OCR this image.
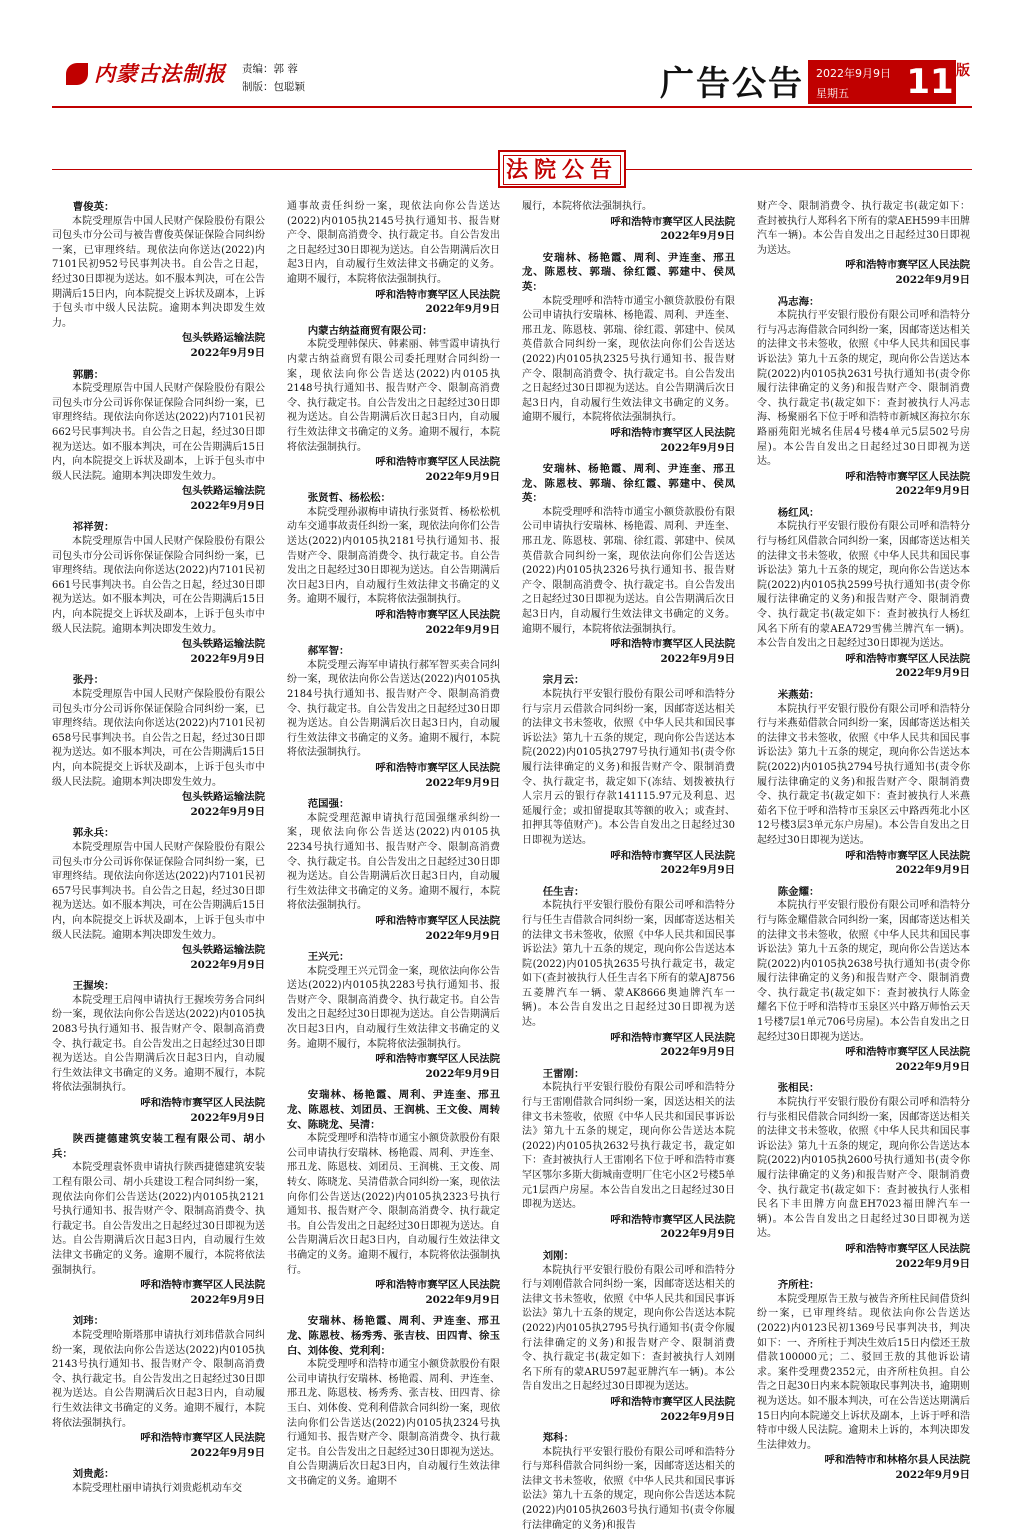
内蒙古法制报 责编：郭 蓉
制版：包聪颖	广告公告 2022年9月9日
星期五	11 版
法院公告

曹俊英：

本院受理原告中国人民财产保险股份有限公司包头市分公司与被告曹俊英保证保险合同纠纷一案，已审理终结。现依法向你送达(2022)内7101民初952号民事判决书。自公告之日起，经过30日即视为送达。如不服本判决，可在公告期满后15日内，向本院提交上诉状及副本，上诉于包头市中级人民法院。逾期本判决即发生效力。

包头铁路运输法院

2022年9月9日

郭鹏：

本院受理原告中国人民财产保险股份有限公司包头市分公司诉你保证保险合同纠纷一案，已审理终结。现依法向你送达(2022)内7101民初662号民事判决书。自公告之日起，经过30日即视为送达。如不服本判决，可在公告期满后15日内，向本院提交上诉状及副本，上诉于包头市中级人民法院。逾期本判决即发生效力。

包头铁路运输法院

2022年9月9日

祁祥贺：

本院受理原告中国人民财产保险股份有限公司包头市分公司诉你保证保险合同纠纷一案，已审理终结。现依法向你送达(2022)内7101民初661号民事判决书。自公告之日起，经过30日即视为送达。如不服本判决，可在公告期满后15日内，向本院提交上诉状及副本，上诉于包头市中级人民法院。逾期本判决即发生效力。

包头铁路运输法院

2022年9月9日

张丹：

本院受理原告中国人民财产保险股份有限公司包头市分公司诉你保证保险合同纠纷一案，已审理终结。现依法向你送达(2022)内7101民初658号民事判决书。自公告之日起，经过30日即视为送达。如不服本判决，可在公告期满后15日内，向本院提交上诉状及副本，上诉于包头市中级人民法院。逾期本判决即发生效力。

包头铁路运输法院

2022年9月9日

郭永兵：

本院受理原告中国人民财产保险股份有限公司包头市分公司诉你保证保险合同纠纷一案，已审理终结。现依法向你送达(2022)内7101民初657号民事判决书。自公告之日起，经过30日即视为送达。如不服本判决，可在公告期满后15日内，向本院提交上诉状及副本，上诉于包头市中级人民法院。逾期本判决即发生效力。

包头铁路运输法院

2022年9月9日

王握埃：

本院受理王启闯申请执行王握埃劳务合同纠纷一案，现依法向你公告送达(2022)内0105执2083号执行通知书、报告财产令、限制高消费令、执行裁定书。自公告发出之日起经过30日即视为送达。自公告期满后次日起3日内，自动履行生效法律文书确定的义务。逾期不履行，本院将依法强制执行。

呼和浩特市赛罕区人民法院

2022年9月9日

陕西捷德建筑安装工程有限公司、胡小兵：

本院受理袁怀贵申请执行陕西捷德建筑安装工程有限公司、胡小兵建设工程合同纠纷一案，现依法向你们公告送达(2022)内0105执2121号执行通知书、报告财产令、限制高消费令、执行裁定书。自公告发出之日起经过30日即视为送达。自公告期满后次日起3日内，自动履行生效法律文书确定的义务。逾期不履行，本院将依法强制执行。

呼和浩特市赛罕区人民法院

2022年9月9日

刘玮：

本院受理哈斯塔那申请执行刘玮借款合同纠纷一案，现依法向你公告送达(2022)内0105执2143号执行通知书、报告财产令、限制高消费令、执行裁定书。自公告发出之日起经过30日即视为送达。自公告期满后次日起3日内，自动履行生效法律文书确定的义务。逾期不履行，本院将依法强制执行。

呼和浩特市赛罕区人民法院

2022年9月9日

刘贵彪：

本院受理杜丽申请执行刘贵彪机动车交

通事故责任纠纷一案，现依法向你公告送达(2022)内0105执2145号执行通知书、报告财产令、限制高消费令、执行裁定书。自公告发出之日起经过30日即视为送达。自公告期满后次日起3日内，自动履行生效法律文书确定的义务。逾期不履行，本院将依法强制执行。

呼和浩特市赛罕区人民法院

2022年9月9日

内蒙古纳益商贸有限公司：

本院受理韩保庆、韩素丽、韩雪霞申请执行内蒙古纳益商贸有限公司委托理财合同纠纷一案，现依法向你公告送达(2022)内0105执2148号执行通知书、报告财产令、限制高消费令、执行裁定书。自公告发出之日起经过30日即视为送达。自公告期满后次日起3日内，自动履行生效法律文书确定的义务。逾期不履行，本院将依法强制执行。

呼和浩特市赛罕区人民法院

2022年9月9日

张贤哲、杨松松：

本院受理孙淑梅申请执行张贤哲、杨松松机动车交通事故责任纠纷一案，现依法向你们公告送达(2022)内0105执2181号执行通知书、报告财产令、限制高消费令、执行裁定书。自公告发出之日起经过30日即视为送达。自公告期满后次日起3日内，自动履行生效法律文书确定的义务。逾期不履行，本院将依法强制执行。

呼和浩特市赛罕区人民法院

2022年9月9日

郝军智：

本院受理云海军申请执行郝军智买卖合同纠纷一案，现依法向你公告送达(2022)内0105执2184号执行通知书、报告财产令、限制高消费令、执行裁定书。自公告发出之日起经过30日即视为送达。自公告期满后次日起3日内，自动履行生效法律文书确定的义务。逾期不履行，本院将依法强制执行。

呼和浩特市赛罕区人民法院

2022年9月9日

范国强：

本院受理范源申请执行范国强继承纠纷一案，现依法向你公告送达(2022)内0105执2234号执行通知书、报告财产令、限制高消费令、执行裁定书。自公告发出之日起经过30日即视为送达。自公告期满后次日起3日内，自动履行生效法律文书确定的义务。逾期不履行，本院将依法强制执行。

呼和浩特市赛罕区人民法院

2022年9月9日

王兴元：

本院受理王兴元罚金一案，现依法向你公告送达(2022)内0105执2283号执行通知书、报告财产令、限制高消费令、执行裁定书。自公告发出之日起经过30日即视为送达。自公告期满后次日起3日内，自动履行生效法律文书确定的义务。逾期不履行，本院将依法强制执行。

呼和浩特市赛罕区人民法院

2022年9月9日

安瑞林、杨艳霞、周利、尹连奎、邢丑龙、陈恩枝、刘团员、王润桃、王文俊、周转女、陈晓龙、吴清：

本院受理呼和浩特市通宝小额贷款股份有限公司申请执行安瑞林、杨艳霞、周利、尹连奎、邢丑龙、陈恩枝、刘团员、王润桃、王文俊、周转女、陈晓龙、吴清借款合同纠纷一案，现依法向你们公告送达(2022)内0105执2323号执行通知书、报告财产令、限制高消费令、执行裁定书。自公告发出之日起经过30日即视为送达。自公告期满后次日起3日内，自动履行生效法律文书确定的义务。逾期不履行，本院将依法强制执行。

呼和浩特市赛罕区人民法院

2022年9月9日

安瑞林、杨艳霞、周利、尹连奎、邢丑龙、陈恩枝、杨秀秀、张吉枝、田四青、徐玉白、刘体俊、党利利：

本院受理呼和浩特市通宝小额贷款股份有限公司申请执行安瑞林、杨艳霞、周利、尹连奎、邢丑龙、陈恩枝、杨秀秀、张吉枝、田四青、徐玉白、刘体俊、党利利借款合同纠纷一案，现依法向你们公告送达(2022)内0105执2324号执行通知书、报告财产令、限制高消费令、执行裁定书。自公告发出之日起经过30日即视为送达。自公告期满后次日起3日内，自动履行生效法律文书确定的义务。逾期不

履行，本院将依法强制执行。

呼和浩特市赛罕区人民法院

2022年9月9日

安瑞林、杨艳霞、周利、尹连奎、邢丑龙、陈恩枝、郭瑞、徐红霞、郭建中、侯凤英：

本院受理呼和浩特市通宝小额贷款股份有限公司申请执行安瑞林、杨艳霞、周利、尹连奎、邢丑龙、陈恩枝、郭瑞、徐红霞、郭建中、侯凤英借款合同纠纷一案，现依法向你们公告送达(2022)内0105执2325号执行通知书、报告财产令、限制高消费令、执行裁定书。自公告发出之日起经过30日即视为送达。自公告期满后次日起3日内，自动履行生效法律文书确定的义务。逾期不履行，本院将依法强制执行。

呼和浩特市赛罕区人民法院

2022年9月9日

安瑞林、杨艳霞、周利、尹连奎、邢丑龙、陈恩枝、郭瑞、徐红霞、郭建中、侯凤英：

本院受理呼和浩特市通宝小额贷款股份有限公司申请执行安瑞林、杨艳霞、周利、尹连奎、邢丑龙、陈恩枝、郭瑞、徐红霞、郭建中、侯凤英借款合同纠纷一案，现依法向你们公告送达(2022)内0105执2326号执行通知书、报告财产令、限制高消费令、执行裁定书。自公告发出之日起经过30日即视为送达。自公告期满后次日起3日内，自动履行生效法律文书确定的义务。逾期不履行，本院将依法强制执行。

呼和浩特市赛罕区人民法院

2022年9月9日

宗月云：

本院执行平安银行股份有限公司呼和浩特分行与宗月云借款合同纠纷一案，因邮寄送达相关的法律文书未签收，依照《中华人民共和国民事诉讼法》第九十五条的规定，现向你公告送达本院(2022)内0105执2797号执行通知书(责令你履行法律确定的义务)和报告财产令、限制消费令、执行裁定书，裁定如下(冻结、划拨被执行人宗月云的银行存款141115.97元及利息、迟延履行金；或扣留提取其等额的收入；或查封、扣押其等值财产)。本公告自发出之日起经过30日即视为送达。

呼和浩特市赛罕区人民法院

2022年9月9日

任生吉：

本院执行平安银行股份有限公司呼和浩特分行与任生吉借款合同纠纷一案，因邮寄送达相关的法律文书未签收，依照《中华人民共和国民事诉讼法》第九十五条的规定，现向你公告送达本院(2022)内0105执2635号执行裁定书，裁定如下(查封被执行人任生吉名下所有的蒙AJ8756五菱牌汽车一辆、蒙AK8666奥迪牌汽车一辆)。本公告自发出之日起经过30日即视为送达。

呼和浩特市赛罕区人民法院

2022年9月9日

王雷刚：

本院执行平安银行股份有限公司呼和浩特分行与王雷刚借款合同纠纷一案，因送达相关的法律文书未签收，依照《中华人民共和国民事诉讼法》第九十五条的规定，现向你公告送达本院(2022)内0105执2632号执行裁定书，裁定如下：查封被执行人王雷刚名下位于呼和浩特市赛罕区鄂尔多斯大街城南壹明厂住宅小区2号楼5单元1层西户房屋。本公告自发出之日起经过30日即视为送达。

呼和浩特市赛罕区人民法院

2022年9月9日

刘刚：

本院执行平安银行股份有限公司呼和浩特分行与刘刚借款合同纠纷一案，因邮寄送达相关的法律文书未签收，依照《中华人民共和国民事诉讼法》第九十五条的规定，现向你公告送达本院(2022)内0105执2795号执行通知书(责令你履行法律确定的义务)和报告财产令、限制消费令、执行裁定书(裁定如下：查封被执行人刘刚名下所有的蒙ARU597起亚牌汽车一辆)。本公告自发出之日起经过30日即视为送达。

呼和浩特市赛罕区人民法院

2022年9月9日

郑科：

本院执行平安银行股份有限公司呼和浩特分行与郑科借款合同纠纷一案，因邮寄送达相关的法律文书未签收，依照《中华人民共和国民事诉讼法》第九十五条的规定，现向你公告送达本院(2022)内0105执2603号执行通知书(责令你履行法律确定的义务)和报告

财产令、限制消费令、执行裁定书(裁定如下：查封被执行人郑科名下所有的蒙AEH599丰田牌汽车一辆)。本公告自发出之日起经过30日即视为送达。

呼和浩特市赛罕区人民法院

2022年9月9日

冯志海：

本院执行平安银行股份有限公司呼和浩特分行与冯志海借款合同纠纷一案，因邮寄送达相关的法律文书未签收，依照《中华人民共和国民事诉讼法》第九十五条的规定，现向你公告送达本院(2022)内0105执2631号执行通知书(责令你履行法律确定的义务)和报告财产令、限制消费令、执行裁定书(裁定如下：查封被执行人冯志海、杨聚丽名下位于呼和浩特市新城区海拉尔东路丽苑阳光城名佳居4号楼4单元5层502号房屋)。本公告自发出之日起经过30日即视为送达。

呼和浩特市赛罕区人民法院

2022年9月9日

杨红风：

本院执行平安银行股份有限公司呼和浩特分行与杨红风借款合同纠纷一案，因邮寄送达相关的法律文书未签收，依照《中华人民共和国民事诉讼法》第九十五条的规定，现向你公告送达本院(2022)内0105执2599号执行通知书(责令你履行法律确定的义务)和报告财产令、限制消费令、执行裁定书(裁定如下：查封被执行人杨红风名下所有的蒙AEA729雪佛兰牌汽车一辆)。本公告自发出之日起经过30日即视为送达。

呼和浩特市赛罕区人民法院

2022年9月9日

米燕茹：

本院执行平安银行股份有限公司呼和浩特分行与米燕茹借款合同纠纷一案，因邮寄送达相关的法律文书未签收，依照《中华人民共和国民事诉讼法》第九十五条的规定，现向你公告送达本院(2022)内0105执2794号执行通知书(责令你履行法律确定的义务)和报告财产令、限制消费令、执行裁定书(裁定如下：查封被执行人米燕茹名下位于呼和浩特市玉泉区云中路西苑北小区12号楼3层3单元东户房屋)。本公告自发出之日起经过30日即视为送达。

呼和浩特市赛罕区人民法院

2022年9月9日

陈金耀：

本院执行平安银行股份有限公司呼和浩特分行与陈金耀借款合同纠纷一案，因邮寄送达相关的法律文书未签收，依照《中华人民共和国民事诉讼法》第九十五条的规定，现向你公告送达本院(2022)内0105执2638号执行通知书(责令你履行法律确定的义务)和报告财产令、限制消费令、执行裁定书(裁定如下：查封被执行人陈金耀名下位于呼和浩特市玉泉区兴中路万师怡云天1号楼7层1单元706号房屋)。本公告自发出之日起经过30日即视为送达。

呼和浩特市赛罕区人民法院

2022年9月9日

张相民：

本院执行平安银行股份有限公司呼和浩特分行与张相民借款合同纠纷一案，因邮寄送达相关的法律文书未签收，依照《中华人民共和国民事诉讼法》第九十五条的规定，现向你公告送达本院(2022)内0105执2600号执行通知书(责令你履行法律确定的义务)和报告财产令、限制消费令、执行裁定书(裁定如下：查封被执行人张相民名下丰田牌方向盘EH7023福田牌汽车一辆)。本公告自发出之日起经过30日即视为送达。

呼和浩特市赛罕区人民法院

2022年9月9日

齐所柱：

本院受理原告王敖与被告齐所柱民间借贷纠纷一案，已审理终结。现依法向你公告送达(2022)内0123民初1369号民事判决书，判决如下：一、齐所柱于判决生效后15日内偿还王敖借款100000元；二、驳回王敖的其他诉讼请求。案件受理费2352元，由齐所柱负担。自公告之日起30日内来本院领取民事判决书，逾期则视为送达。如不服本判决，可在公告送达期满后15日内向本院递交上诉状及副本，上诉于呼和浩特市中级人民法院。逾期未上诉的，本判决即发生法律效力。

呼和浩特市和林格尔县人民法院

2022年9月9日
